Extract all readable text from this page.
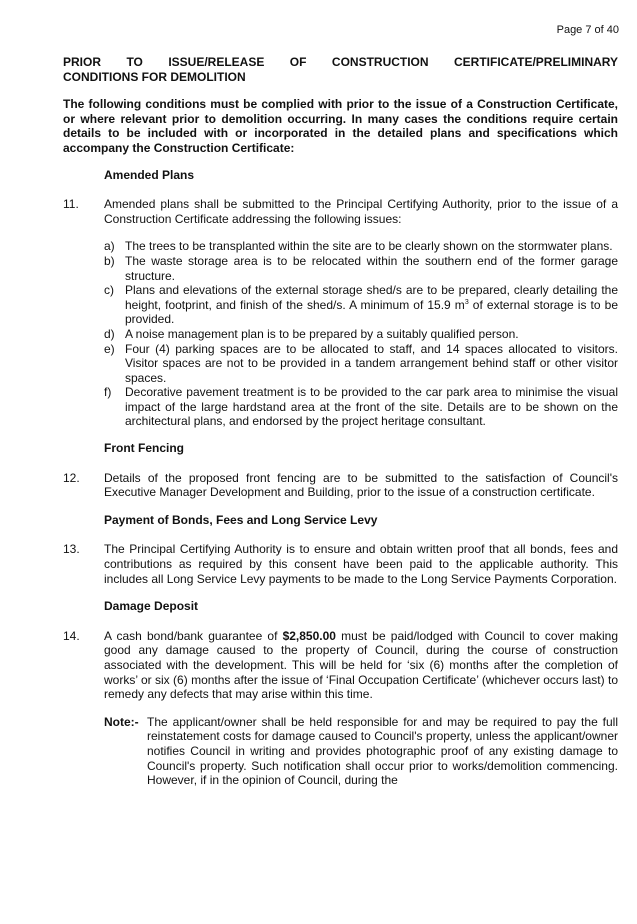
Page 7 of 40
PRIOR TO ISSUE/RELEASE OF CONSTRUCTION CERTIFICATE/PRELIMINARY
CONDITIONS FOR DEMOLITION

The following conditions must be complied with prior to the issue of a Construction Certificate, or where relevant prior to demolition occurring. In many cases the conditions require certain details to be included with or incorporated in the detailed plans and specifications which accompany the Construction Certificate:

Amended Plans
11.	Amended plans shall be submitted to the Principal Certifying Authority, prior to the issue of a Construction Certificate addressing the following issues:
a) The trees to be transplanted within the site are to be clearly shown on the stormwater plans.
b) The waste storage area is to be relocated within the southern end of the former garage structure.
c) Plans and elevations of the external storage shed/s are to be prepared, clearly detailing the height, footprint, and finish of the shed/s. A minimum of 15.9 $m^3$ of external storage is to be provided.
d) A noise management plan is to be prepared by a suitably qualified person.
e) Four (4) parking spaces are to be allocated to staff, and 14 spaces allocated to visitors. Visitor spaces are not to be provided in a tandem arrangement behind staff or other visitor spaces.
f)	Decorative pavement treatment is to be provided to the car park area to minimise the visual impact of the large hardstand area at the front of the site. Details are to be shown on the architectural plans, and endorsed by the project heritage consultant.
Front Fencing
12.	Details of the proposed front fencing are to be submitted to the satisfaction of Council's Executive Manager Development and Building, prior to the issue of a construction certificate.
Payment of Bonds, Fees and Long Service Levy
13.	The Principal Certifying Authority is to ensure and obtain written proof that all bonds, fees and contributions as required by this consent have been paid to the applicable authority. This includes all Long Service Levy payments to be made to the Long Service Payments Corporation.
Damage Deposit
14.	A cash bond/bank guarantee of $2,850.00 must be paid/lodged with Council to cover making good any damage caused to the property of Council, during the course of construction associated with the development. This will be held for ‘six (6) months after the completion of works’ or six (6) months after the issue of ‘Final Occupation Certificate’ (whichever occurs last) to remedy any defects that may arise within this time.
Note:- The applicant/owner shall be held responsible for and may be required to pay the full reinstatement costs for damage caused to Council's property, unless the applicant/owner notifies Council in writing and provides photographic proof of any existing damage to Council's property. Such notification shall occur prior to works/demolition commencing. However, if in the opinion of Council, during the
